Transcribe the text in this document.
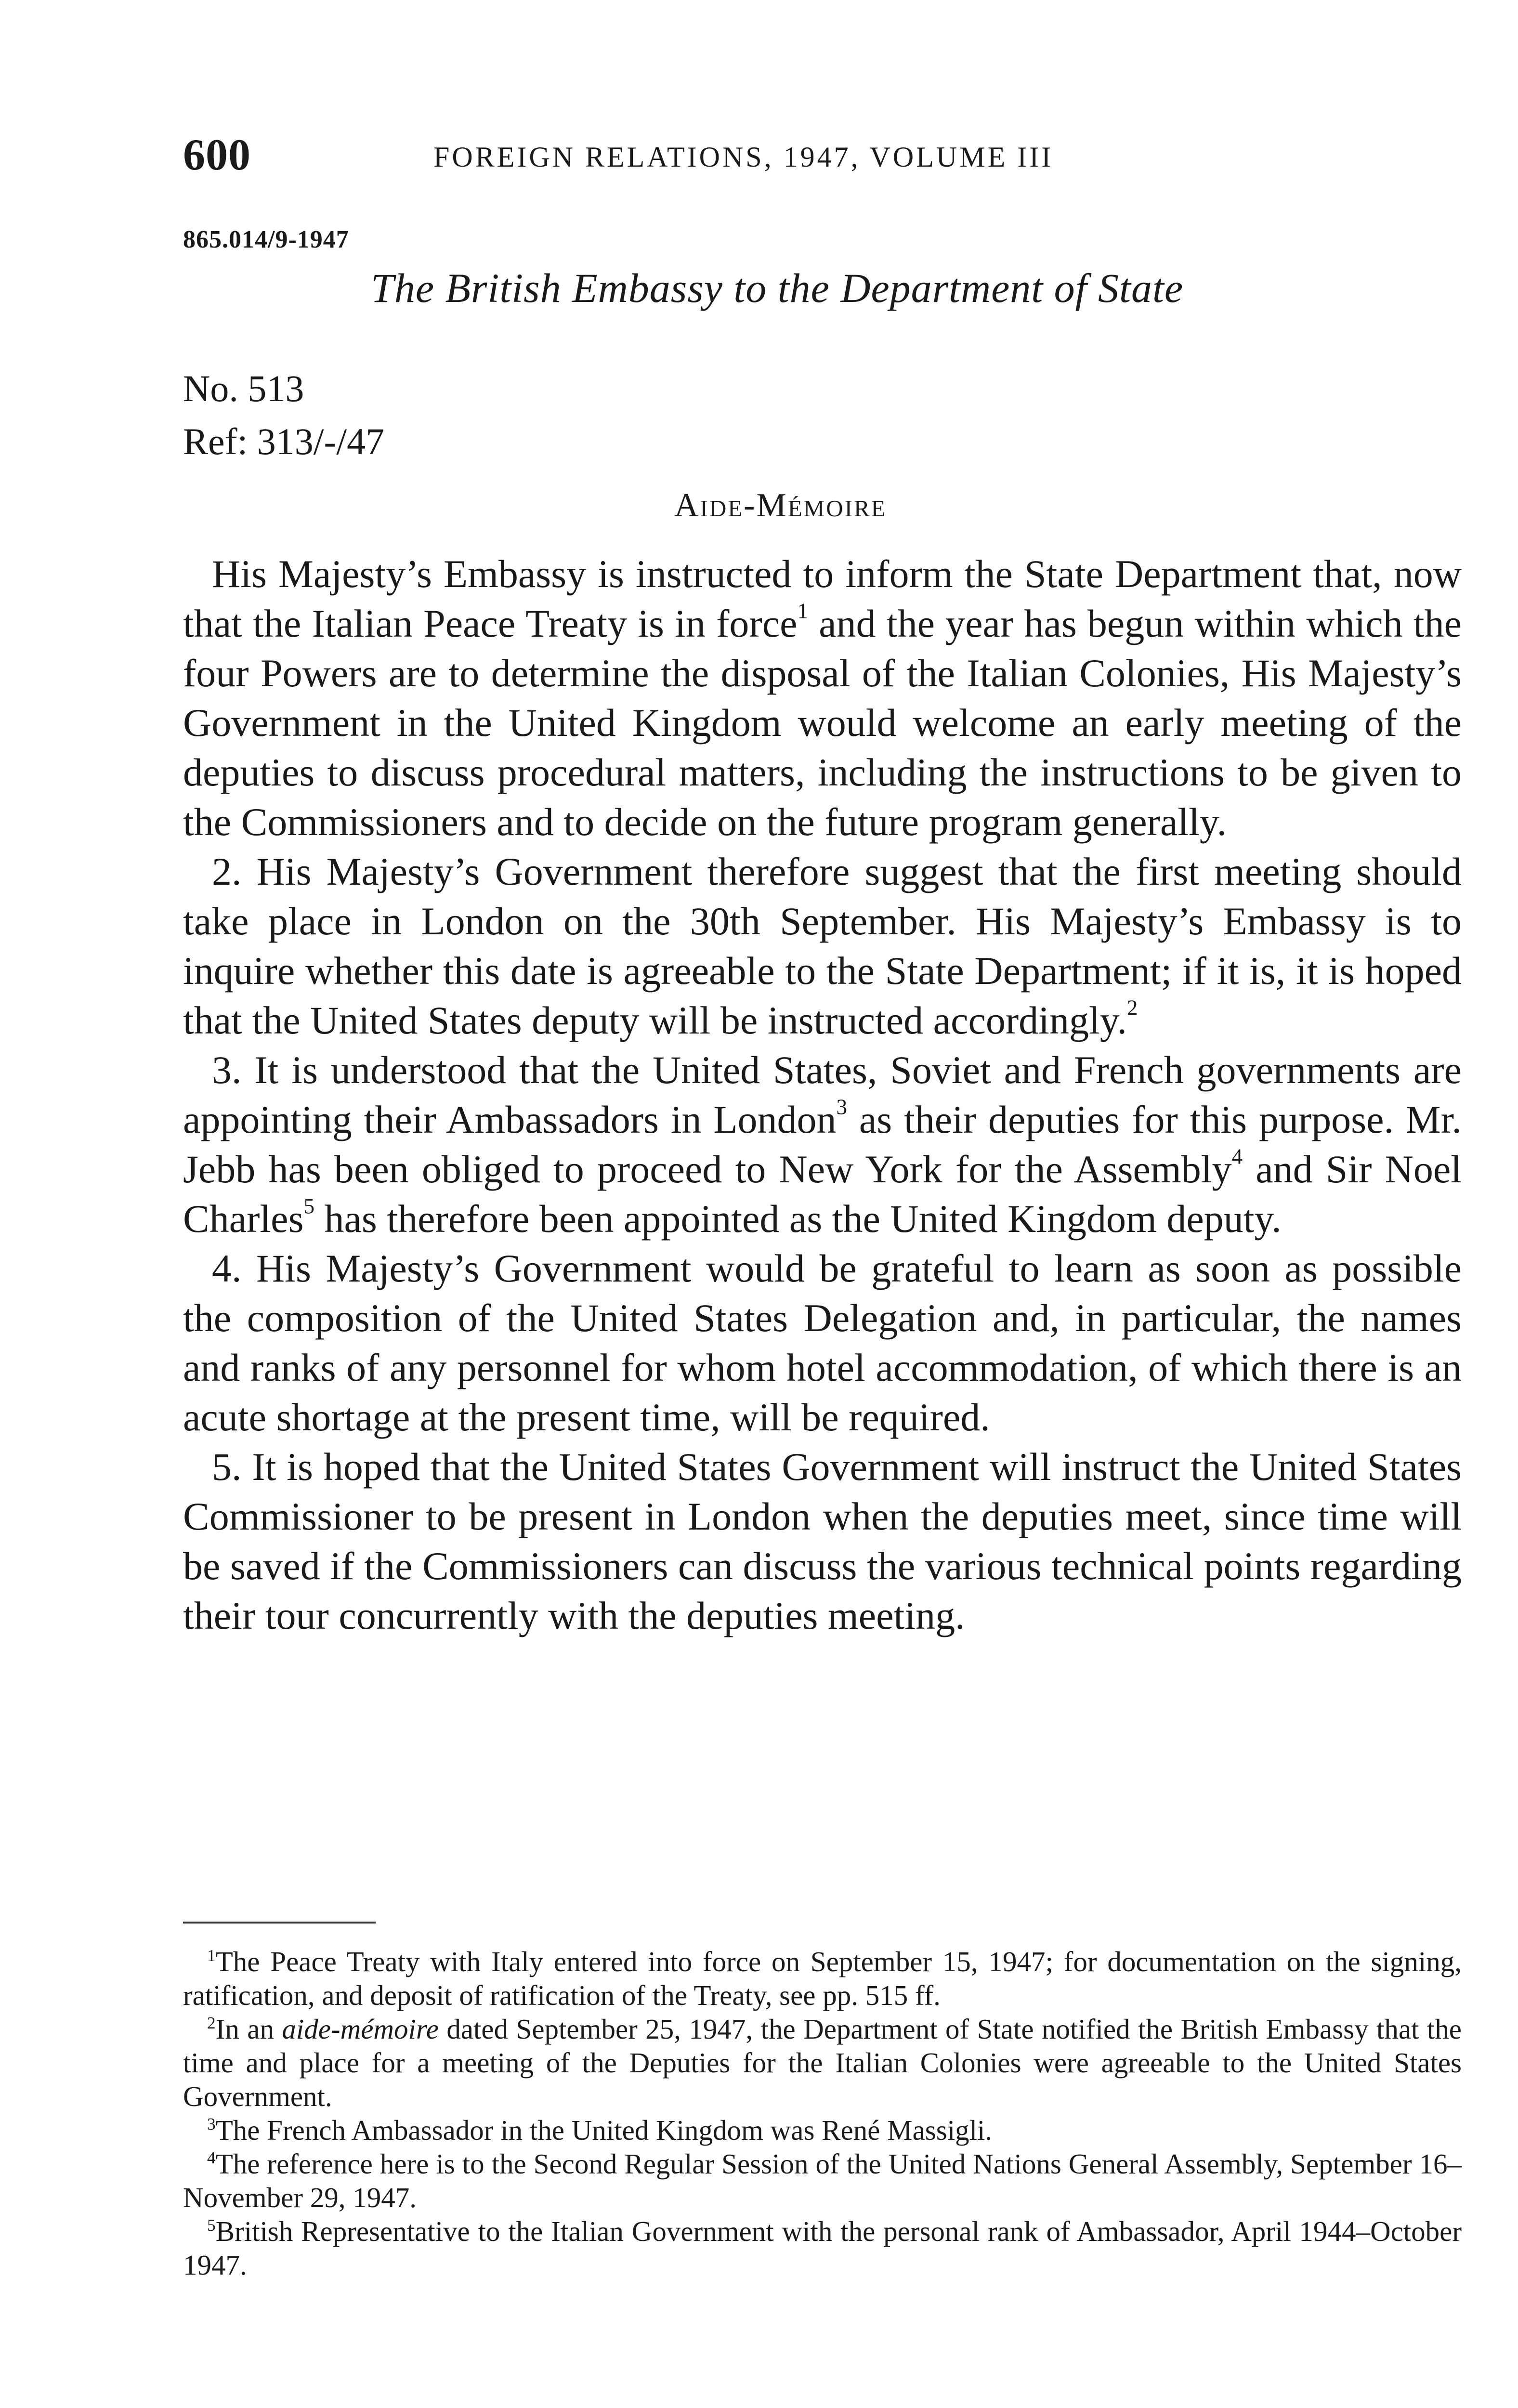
600	FOREIGN RELATIONS, 1947, VOLUME III
865.014/9-1947
The British Embassy to the Department of State
No. 513
Ref: 313/-/47
Aide-Mémoire

His Majesty’s Embassy is instructed to inform the State Department that, now that the Italian Peace Treaty is in force$^1$ and the year has begun within which the four Powers are to determine the disposal of the Italian Colonies, His Majesty’s Government in the United Kingdom would welcome an early meeting of the deputies to discuss procedural matters, including the instructions to be given to the Commissioners and to decide on the future program generally.

2. His Majesty’s Government therefore suggest that the first meeting should take place in London on the 30th September. His Majesty’s Embassy is to inquire whether this date is agreeable to the State Department; if it is, it is hoped that the United States deputy will be instructed accordingly.$^2$

3. It is understood that the United States, Soviet and French governments are appointing their Ambassadors in London$^3$ as their deputies for this purpose. Mr. Jebb has been obliged to proceed to New York for the Assembly$^4$ and Sir Noel Charles$^5$ has therefore been appointed as the United Kingdom deputy.

4. His Majesty’s Government would be grateful to learn as soon as possible the composition of the United States Delegation and, in particular, the names and ranks of any personnel for whom hotel accommodation, of which there is an acute shortage at the present time, will be required.

5. It is hoped that the United States Government will instruct the United States Commissioner to be present in London when the deputies meet, since time will be saved if the Commissioners can discuss the various technical points regarding their tour concurrently with the deputies meeting.

$^1$The Peace Treaty with Italy entered into force on September 15, 1947; for documentation on the signing, ratification, and deposit of ratification of the Treaty, see pp. 515 ff.

$^2$In an aide-mémoire dated September 25, 1947, the Department of State notified the British Embassy that the time and place for a meeting of the Deputies for the Italian Colonies were agreeable to the United States Government.

$^3$The French Ambassador in the United Kingdom was René Massigli.

$^4$The reference here is to the Second Regular Session of the United Nations General Assembly, September 16–November 29, 1947.

$^5$British Representative to the Italian Government with the personal rank of Ambassador, April 1944–October 1947.
